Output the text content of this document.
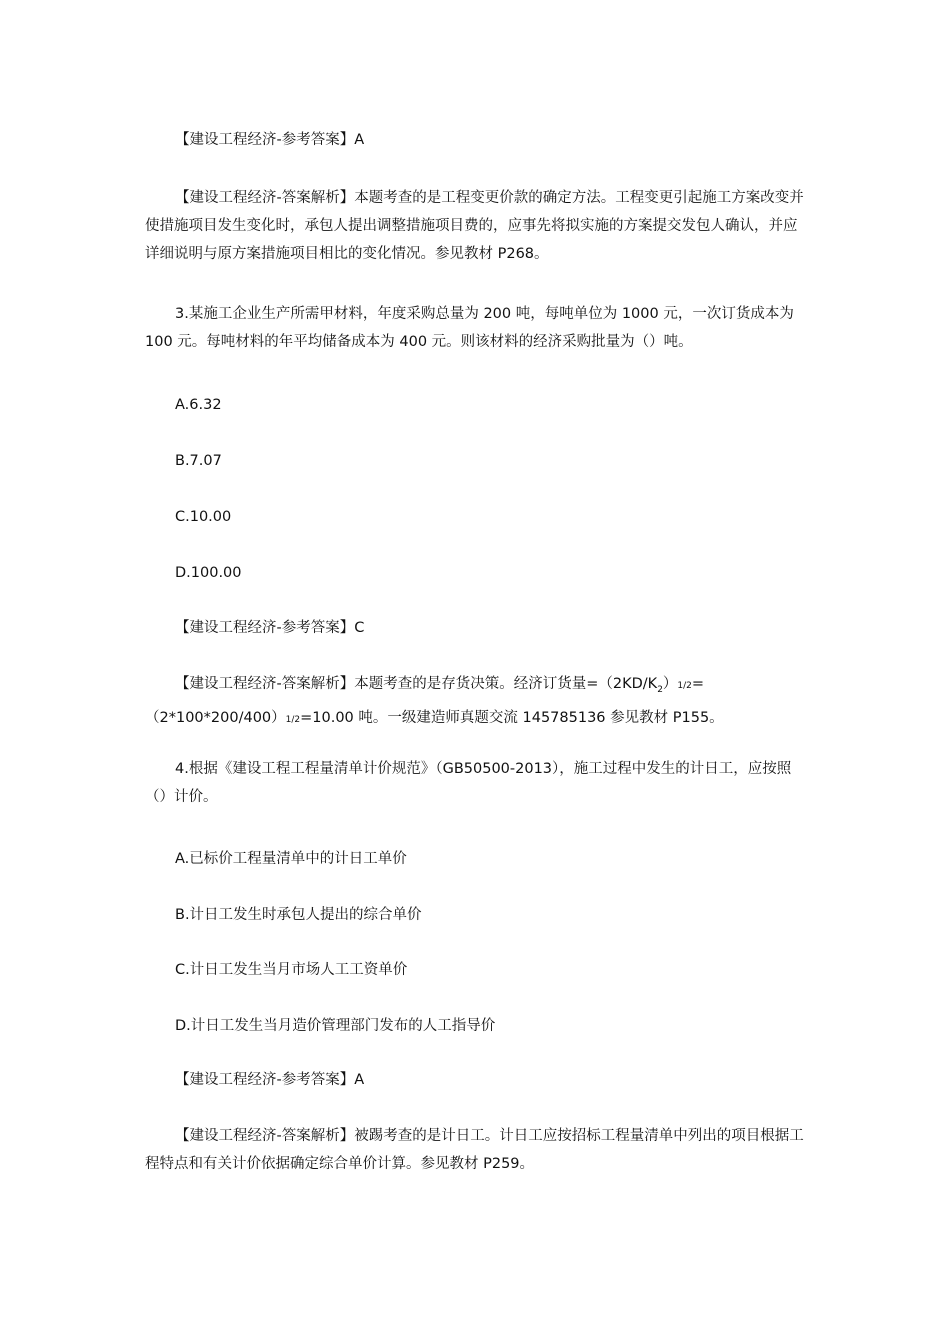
【建设工程经济-参考答案】A

【建设工程经济-答案解析】本题考查的是工程变更价款的确定方法。工程变更引起施工方案改变并使措施项目发生变化时，承包人提出调整措施项目费的，应事先将拟实施的方案提交发包人确认，并应详细说明与原方案措施项目相比的变化情况。参见教材 P268。

3.某施工企业生产所需甲材料，年度采购总量为 200 吨，每吨单位为 1000 元，一次订货成本为 100 元。每吨材料的年平均储备成本为 400 元。则该材料的经济采购批量为（）吨。

A.6.32

B.7.07

C.10.00

D.100.00

【建设工程经济-参考答案】C

【建设工程经济-答案解析】本题考查的是存货决策。经济订货量$=(2KD/K_2)1/2=(2*100*200/400)1/2=10.00$ 吨。一级建造师真题交流 145785136 参见教材 P155。

4.根据《建设工程工程量清单计价规范》（GB50500-2013），施工过程中发生的计日工，应按照（）计价。

A.已标价工程量清单中的计日工单价

B.计日工发生时承包人提出的综合单价

C.计日工发生当月市场人工工资单价

D.计日工发生当月造价管理部门发布的人工指导价

【建设工程经济-参考答案】A

【建设工程经济-答案解析】被踢考查的是计日工。计日工应按招标工程量清单中列出的项目根据工程特点和有关计价依据确定综合单价计算。参见教材 P259。
